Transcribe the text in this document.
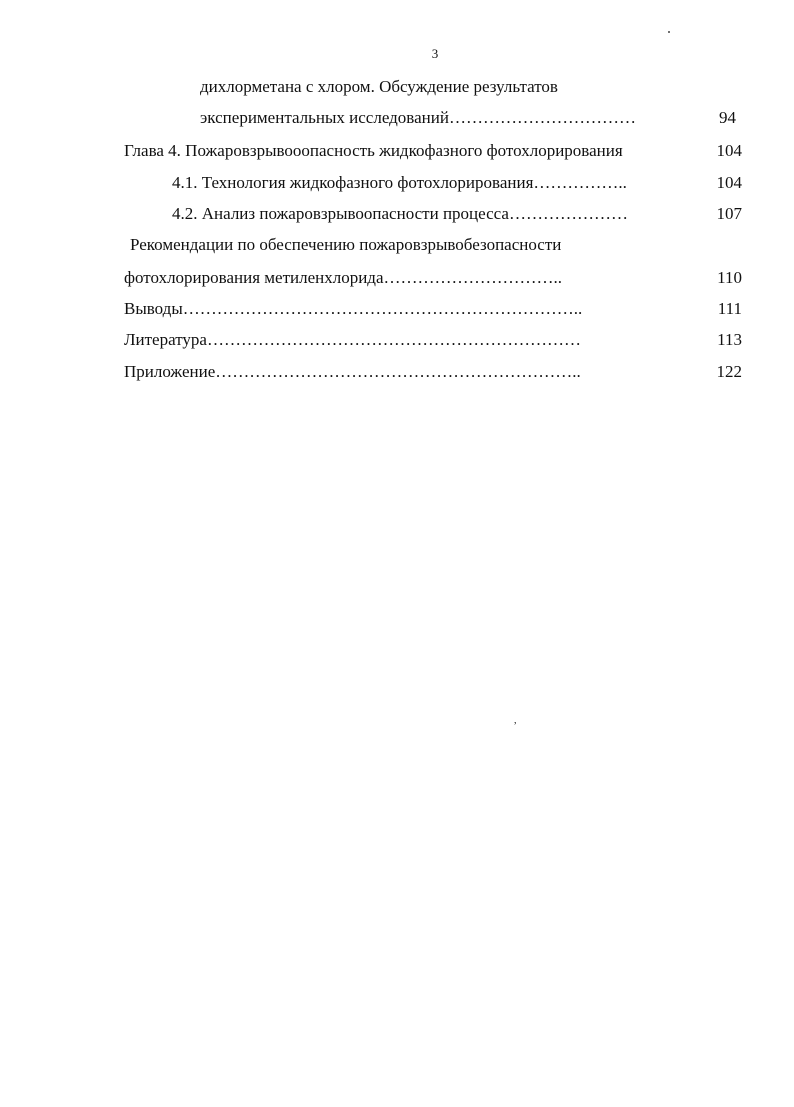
3
дихлорметана с хлором. Обсуждение результатов
экспериментальных исследований……………………………	94
Глава 4. Пожаровзрывооопасность жидкофазного фотохлорирования	104
4.1. Технология жидкофазного фотохлорирования……………..	104
4.2. Анализ пожаровзрывоопасности процесса…………………	107
Рекомендации по обеспечению пожаровзрывобезопасности
фотохлорирования метиленхлорида…………………………..	110
Выводы……………………………………………………………..	111
Литература…………………………………………………………	113
Приложение………………………………………………………..	122
,
